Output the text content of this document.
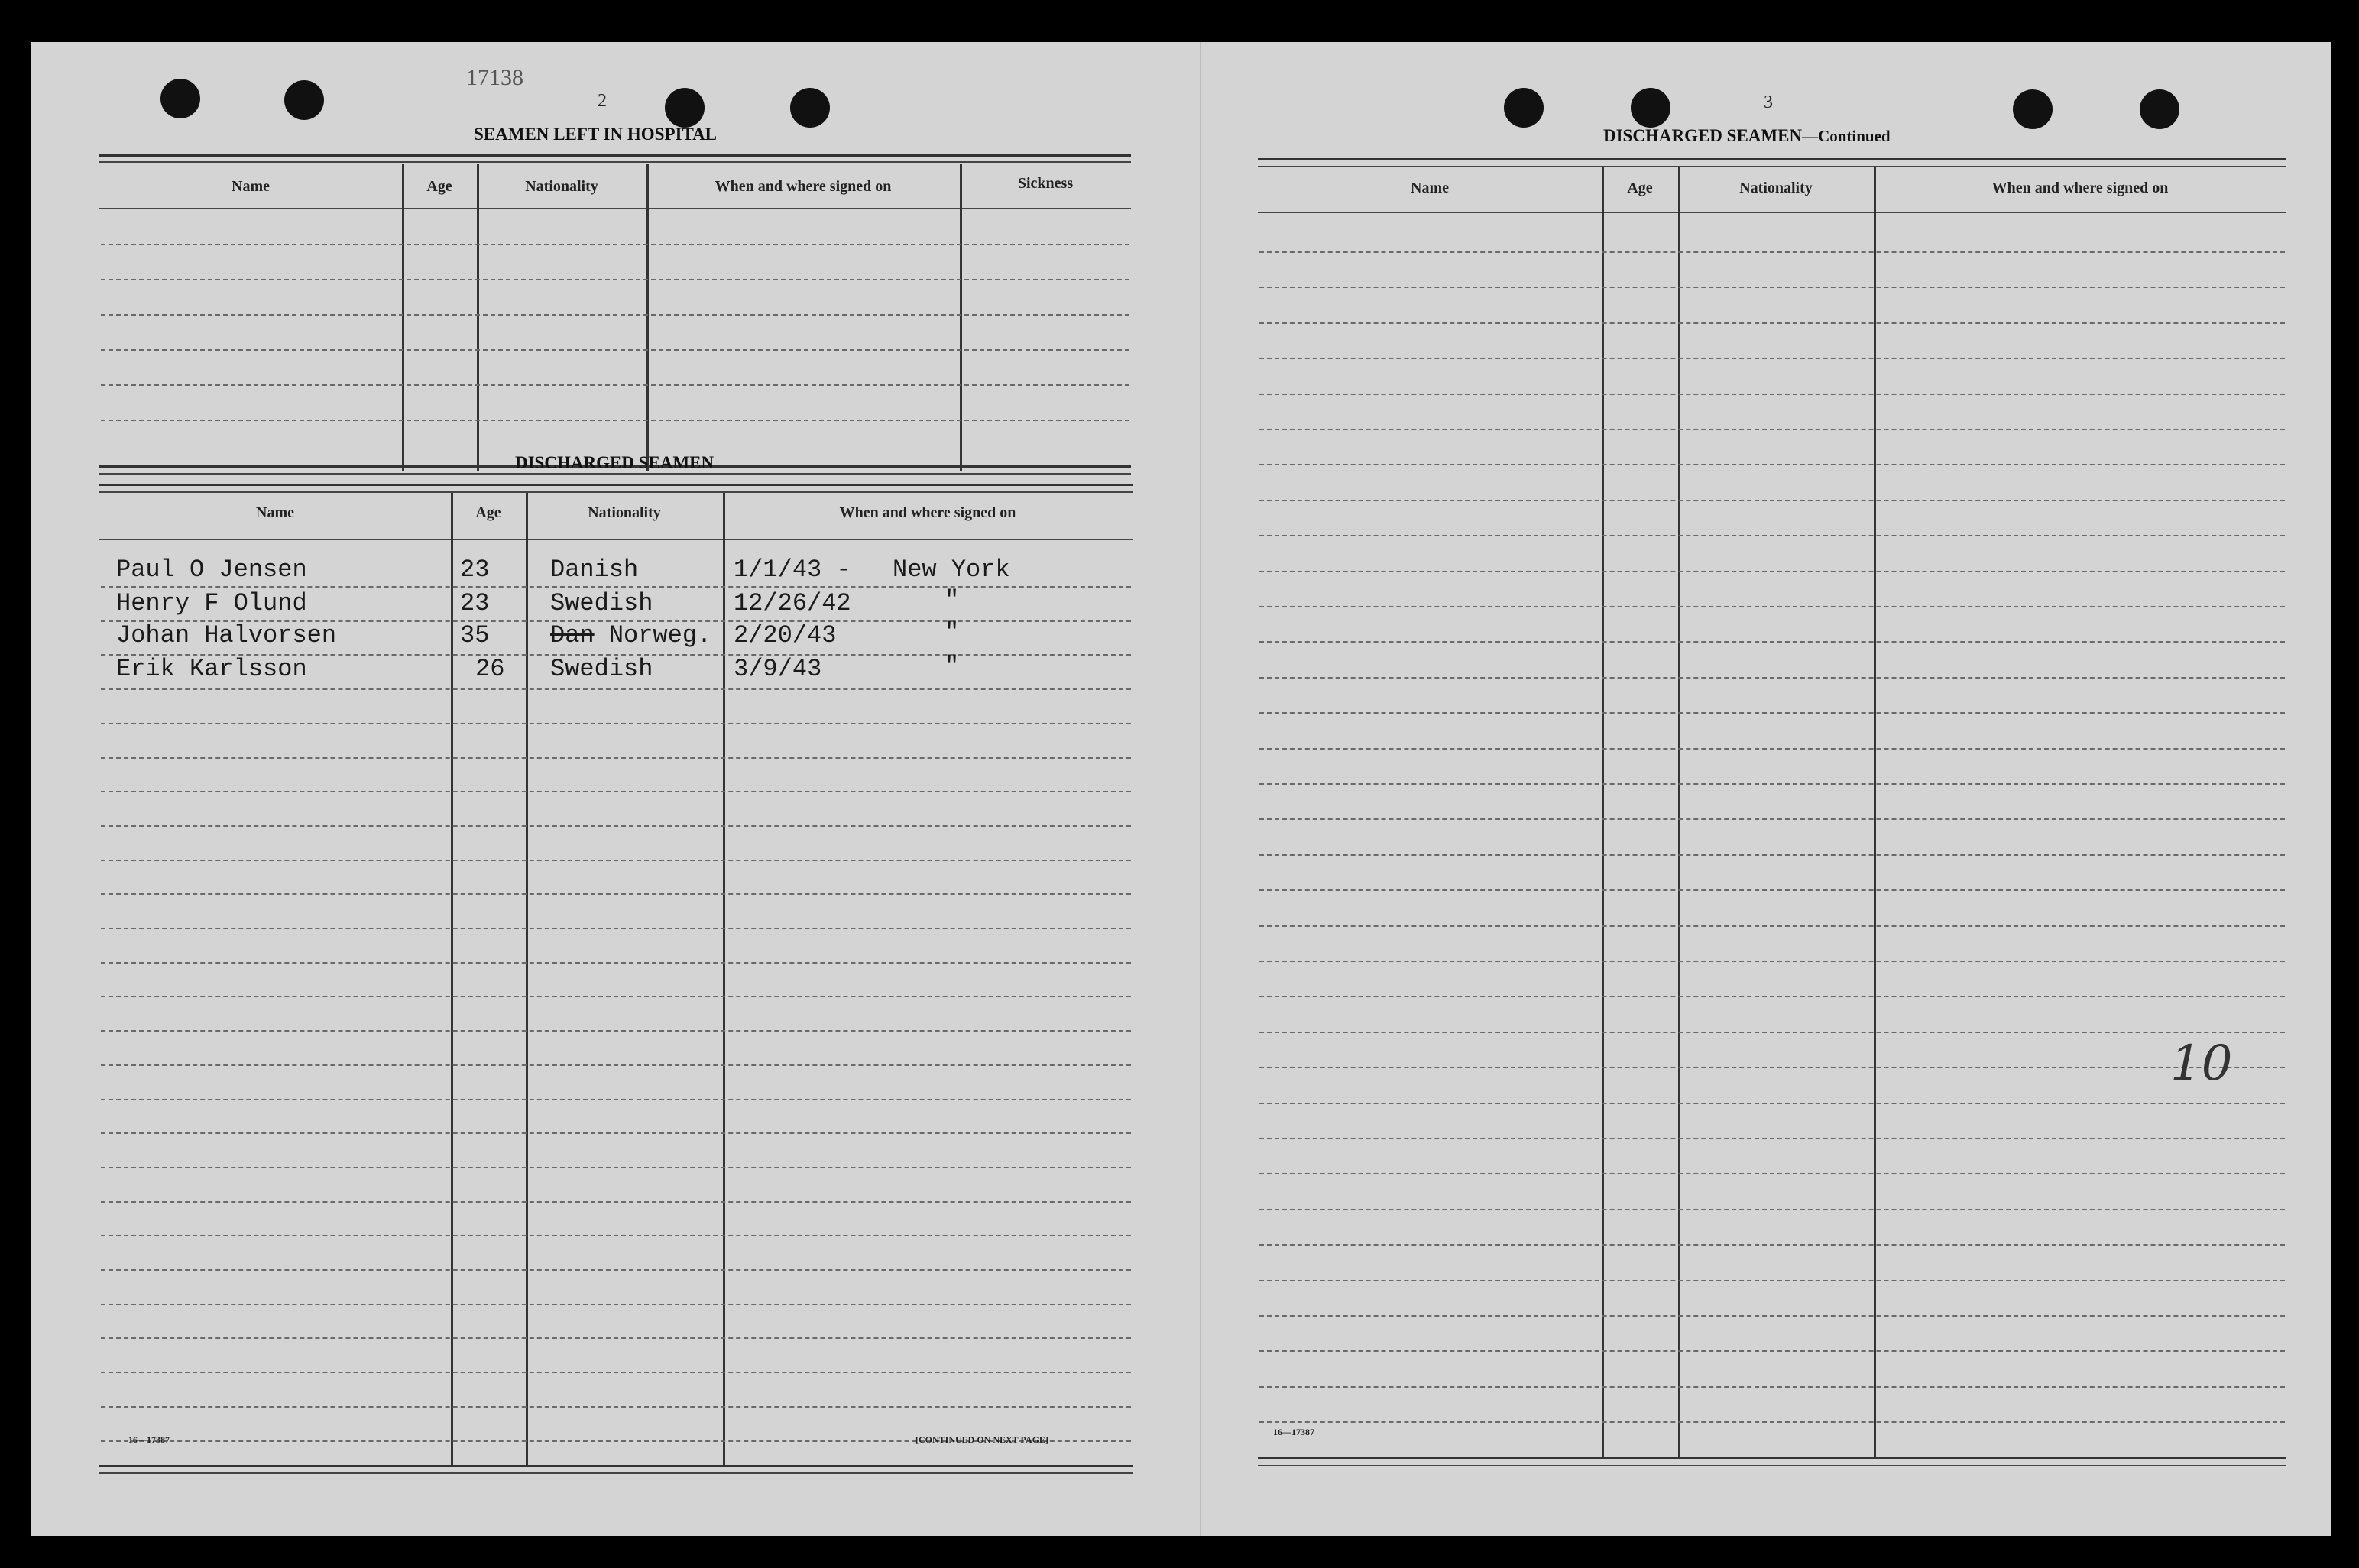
17138
2
SEAMEN LEFT IN HOSPITAL
Name	Age	Nationality	When and where signed on	Sickness
DISCHARGED SEAMEN
Name	Age	Nationality	When and where signed on
Paul O Jensen	23 Danish	1/1/43 - New York
Henry F Olund	23 Swedish	12/26/42	"
Johan Halvorsen	35 Dan Norweg. 2/20/43	"
Erik Karlsson	26 Swedish	3/9/43	"
16—17387	[CONTINUED ON NEXT PAGE]
3
DISCHARGED SEAMEN—Continued
Name	Age	Nationality	When and where signed on
10
16—17387
